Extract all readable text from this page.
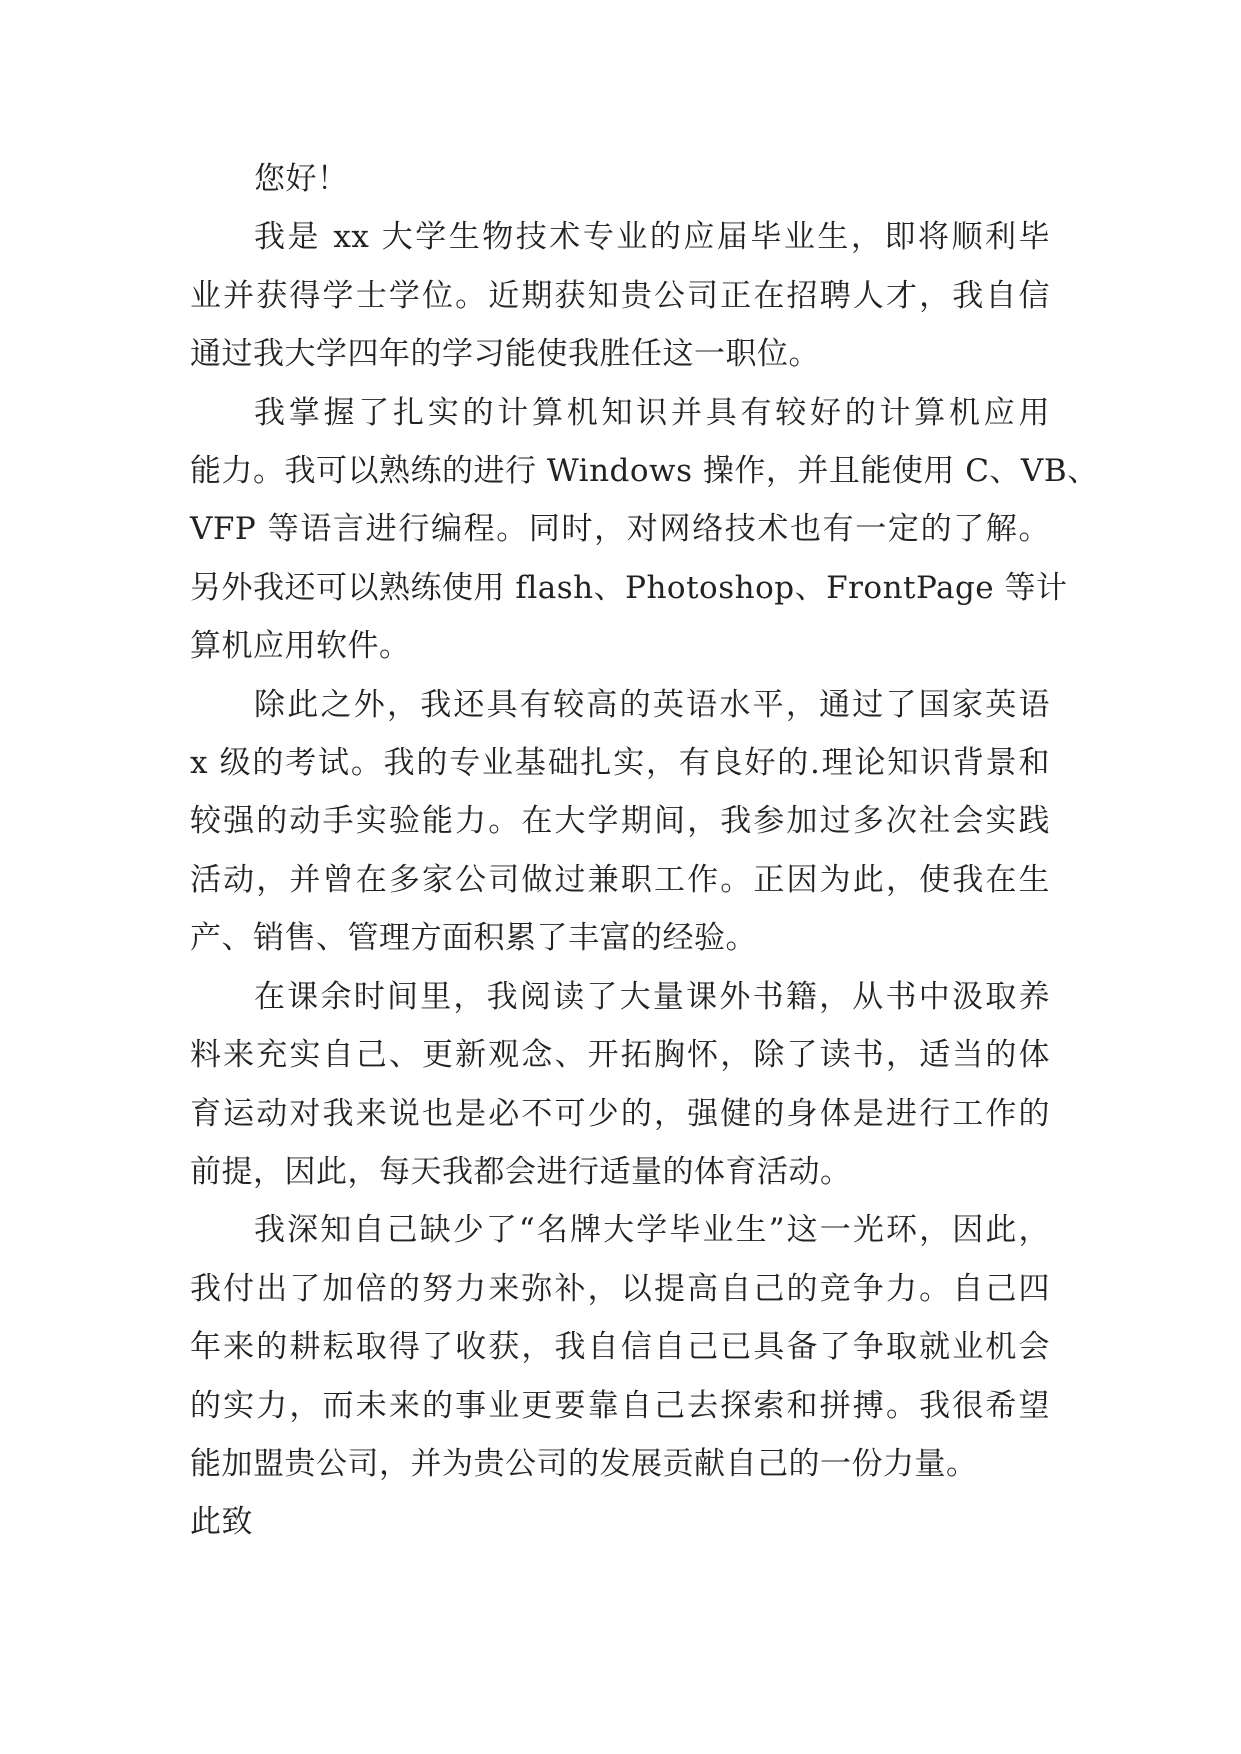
您好！

我是 xx 大学生物技术专业的应届毕业生，即将顺利毕
业并获得学士学位。近期获知贵公司正在招聘人才，我自信
通过我大学四年的学习能使我胜任这一职位。

我掌握了扎实的计算机知识并具有较好的计算机应用
能力。我可以熟练的进行 Windows 操作，并且能使用 C、VB、
VFP 等语言进行编程。同时，对网络技术也有一定的了解。
另外我还可以熟练使用 flash、Photoshop、FrontPage 等计
算机应用软件。

除此之外，我还具有较高的英语水平，通过了国家英语
x 级的考试。我的专业基础扎实，有良好的.理论知识背景和
较强的动手实验能力。在大学期间，我参加过多次社会实践
活动，并曾在多家公司做过兼职工作。正因为此，使我在生
产、销售、管理方面积累了丰富的经验。

在课余时间里，我阅读了大量课外书籍，从书中汲取养
料来充实自己、更新观念、开拓胸怀，除了读书，适当的体
育运动对我来说也是必不可少的，强健的身体是进行工作的
前提，因此，每天我都会进行适量的体育活动。

我深知自己缺少了“名牌大学毕业生”这一光环，因此，
我付出了加倍的努力来弥补，以提高自己的竞争力。自己四
年来的耕耘取得了收获，我自信自己已具备了争取就业机会
的实力，而未来的事业更要靠自己去探索和拼搏。我很希望
能加盟贵公司，并为贵公司的发展贡献自己的一份力量。

此致
